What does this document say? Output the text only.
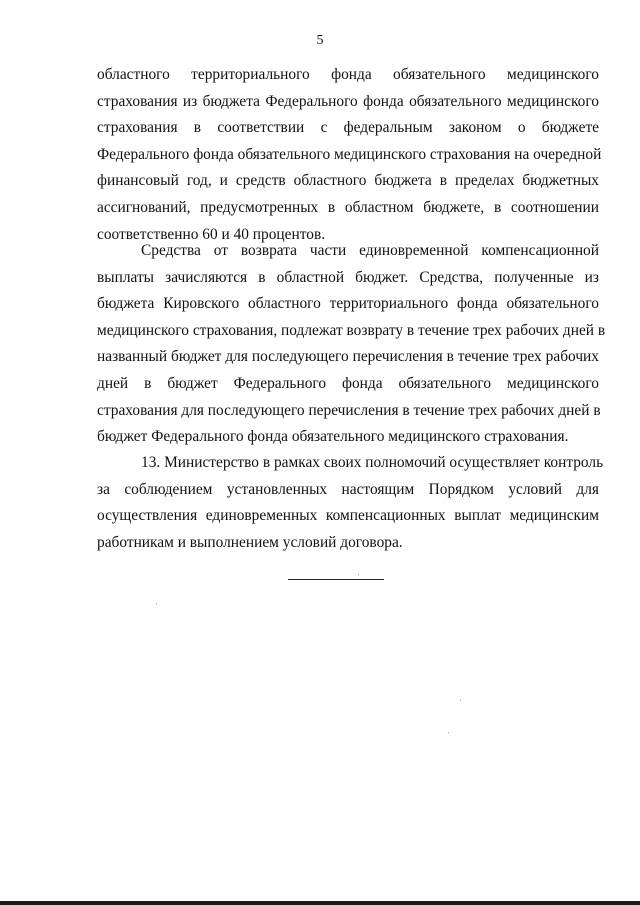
5
областного территориального фонда обязательного медицинского
страхования из бюджета Федерального фонда обязательного медицинского
страхования в соответствии с федеральным законом о бюджете
Федерального фонда обязательного медицинского страхования на очередной
финансовый год, и средств областного бюджета в пределах бюджетных
ассигнований, предусмотренных в областном бюджете, в соотношении
соответственно 60 и 40 процентов.
Средства от возврата части единовременной компенсационной
выплаты зачисляются в областной бюджет. Средства, полученные из
бюджета Кировского областного территориального фонда обязательного
медицинского страхования, подлежат возврату в течение трех рабочих дней в
названный бюджет для последующего перечисления в течение трех рабочих
дней в бюджет Федерального фонда обязательного медицинского
страхования для последующего перечисления в течение трех рабочих дней в
бюджет Федерального фонда обязательного медицинского страхования.
13. Министерство в рамках своих полномочий осуществляет контроль
за соблюдением установленных настоящим Порядком условий для
осуществления единовременных компенсационных выплат медицинским
работникам и выполнением условий договора.
